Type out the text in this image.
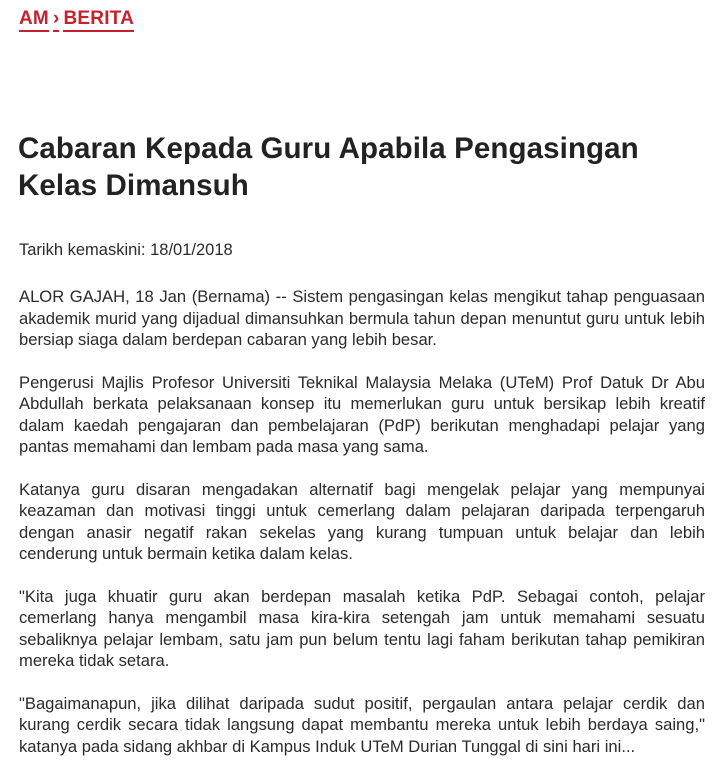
AM › BERITA
Cabaran Kepada Guru Apabila Pengasingan Kelas Dimansuh
Tarikh kemaskini: 18/01/2018

ALOR GAJAH, 18 Jan (Bernama) -- Sistem pengasingan kelas mengikut tahap penguasaan akademik murid yang dijadual dimansuhkan bermula tahun depan menuntut guru untuk lebih bersiap siaga dalam berdepan cabaran yang lebih besar.

Pengerusi Majlis Profesor Universiti Teknikal Malaysia Melaka (UTeM) Prof Datuk Dr Abu Abdullah berkata pelaksanaan konsep itu memerlukan guru untuk bersikap lebih kreatif dalam kaedah pengajaran dan pembelajaran (PdP) berikutan menghadapi pelajar yang pantas memahami dan lembam pada masa yang sama.

Katanya guru disaran mengadakan alternatif bagi mengelak pelajar yang mempunyai keazaman dan motivasi tinggi untuk cemerlang dalam pelajaran daripada terpengaruh dengan anasir negatif rakan sekelas yang kurang tumpuan untuk belajar dan lebih cenderung untuk bermain ketika dalam kelas.

"Kita juga khuatir guru akan berdepan masalah ketika PdP. Sebagai contoh, pelajar cemerlang hanya mengambil masa kira-kira setengah jam untuk memahami sesuatu sebaliknya pelajar lembam, satu jam pun belum tentu lagi faham berikutan tahap pemikiran mereka tidak setara.

"Bagaimanapun, jika dilihat daripada sudut positif, pergaulan antara pelajar cerdik dan kurang cerdik secara tidak langsung dapat membantu mereka untuk lebih berdaya saing," katanya pada sidang akhbar di Kampus Induk UTeM Durian Tunggal di sini hari ini...
